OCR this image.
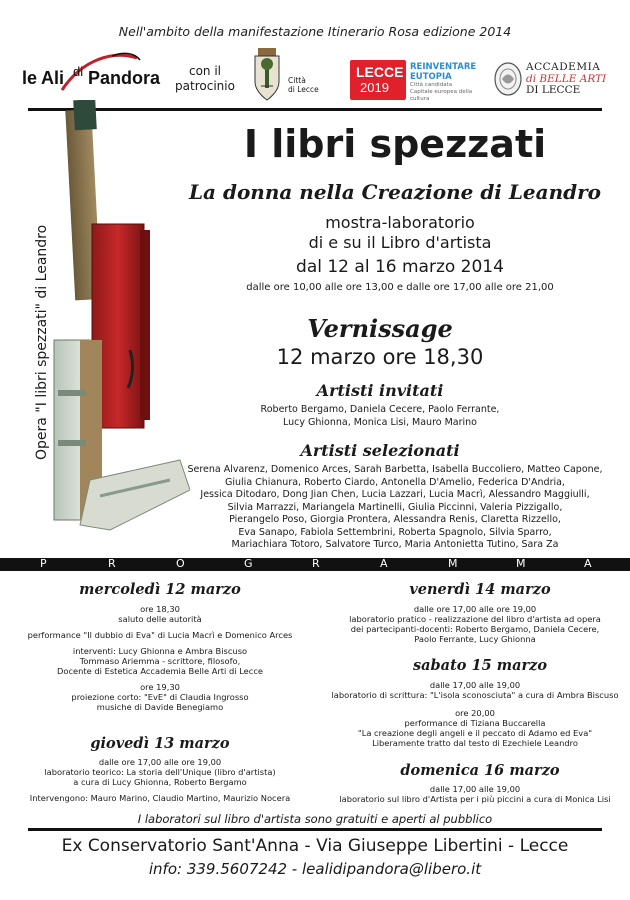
Nell'ambito della manifestazione Itinerario Rosa edizione 2014
le Ali di Pandora	con il
patrocinio	Città
di Lecce
LECCE
2019
REINVENTARE
EUTOPIA
Città candidata
Capitale europea della cultura
ACCADEMIA
di BELLE ARTI
DI LECCE
Opera "I libri spezzati" di Leandro
I libri spezzati
La donna nella Creazione di Leandro
mostra-laboratorio
di e su il Libro d'artista
dal 12 al 16 marzo 2014
dalle ore 10,00 alle ore 13,00 e dalle ore 17,00 alle ore 21,00
Vernissage
12 marzo ore 18,30
Artisti invitati
Roberto Bergamo, Daniela Cecere, Paolo Ferrante,
Lucy Ghionna, Monica Lisi, Mauro Marino
Artisti selezionati
Serena Alvarenz, Domenico Arces, Sarah Barbetta, Isabella Buccoliero, Matteo Capone,
Giulia Chianura, Roberto Ciardo, Antonella D'Amelio, Federica D'Andria,
Jessica Ditodaro, Dong Jian Chen, Lucia Lazzari, Lucia Macrì, Alessandro Maggiulli,
Silvia Marrazzi, Mariangela Martinelli, Giulia Piccinni, Valeria Pizzigallo,
Pierangelo Poso, Giorgia Prontera, Alessandra Renis, Claretta Rizzello,
Eva Sanapo, Fabiola Settembrini, Roberta Spagnolo, Silvia Sparro,
Mariachiara Totoro, Salvatore Turco, Maria Antonietta Tutino, Sara Za
P	R	O	G	R	A	M	M	A
mercoledì 12 marzo
ore 18,30
saluto delle autorità
performance "Il dubbio di Eva" di Lucia Macrì e Domenico Arces
interventi: Lucy Ghionna e Ambra Biscuso
Tommaso Ariemma - scrittore, filosofo,
Docente di Estetica Accademia Belle Arti di Lecce
ore 19,30
proiezione corto: "EvE" di Claudia Ingrosso
musiche di Davide Benegiamo
giovedì 13 marzo
dalle ore 17,00 alle ore 19,00
laboratorio teorico: La storia dell'Unique (libro d'artista)
a cura di Lucy Ghionna, Roberto Bergamo
Intervengono: Mauro Marino, Claudio Martino, Maurizio Nocera
venerdì 14 marzo
dalle ore 17,00 alle ore 19,00
laboratorio pratico - realizzazione del libro d'artista ad opera
dei partecipanti-docenti: Roberto Bergamo, Daniela Cecere,
Paolo Ferrante, Lucy Ghionna
sabato 15 marzo
dalle 17,00 alle 19,00
laboratorio di scrittura: "L'isola sconosciuta" a cura di Ambra Biscuso
ore 20,00
performance di Tiziana Buccarella
"La creazione degli angeli e il peccato di Adamo ed Eva"
Liberamente tratto dal testo di Ezechiele Leandro
domenica 16 marzo
dalle 17,00 alle 19,00
laboratorio sul libro d'Artista per i più piccini a cura di Monica Lisi
I laboratori sul libro d'artista sono gratuiti e aperti al pubblico
Ex Conservatorio Sant'Anna - Via Giuseppe Libertini - Lecce
info: 339.5607242 - lealidipandora@libero.it
